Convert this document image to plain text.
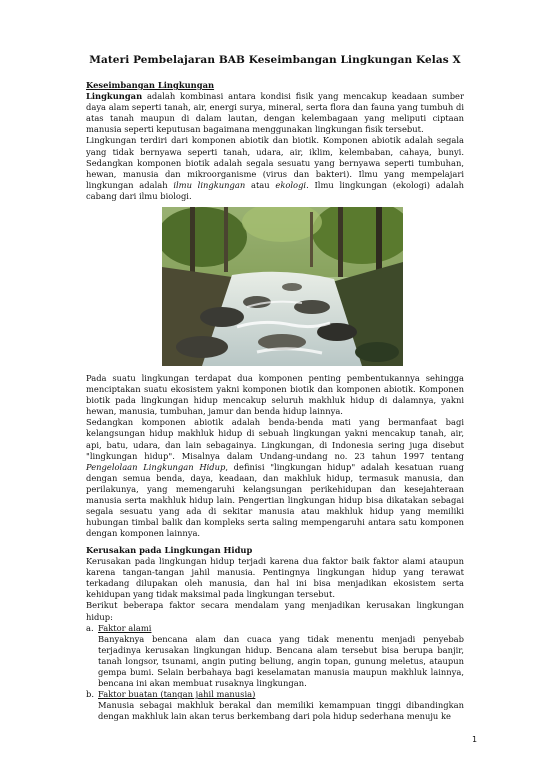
Materi Pembelajaran BAB Keseimbangan Lingkungan Kelas X
Keseimbangan Lingkungan

Lingkungan adalah kombinasi antara kondisi fisik yang mencakup keadaan sumber daya alam seperti tanah, air, energi surya, mineral, serta flora dan fauna yang tumbuh di atas tanah maupun di dalam lautan, dengan kelembagaan yang meliputi ciptaan manusia seperti keputusan bagaimana menggunakan lingkungan fisik tersebut.

Lingkungan terdiri dari komponen abiotik dan biotik. Komponen abiotik adalah segala yang tidak bernyawa seperti tanah, udara, air, iklim, kelembaban, cahaya, bunyi. Sedangkan komponen biotik adalah segala sesuatu yang bernyawa seperti tumbuhan, hewan, manusia dan mikroorganisme (virus dan bakteri). Ilmu yang mempelajari lingkungan adalah ilmu lingkungan atau ekologi. Ilmu lingkungan (ekologi) adalah cabang dari ilmu biologi.

Pada suatu lingkungan terdapat dua komponen penting pembentukannya sehingga menciptakan suatu ekosistem yakni komponen biotik dan komponen abiotik. Komponen biotik pada lingkungan hidup mencakup seluruh makhluk hidup di dalamnya, yakni hewan, manusia, tumbuhan, jamur dan benda hidup lainnya.

Sedangkan komponen abiotik adalah benda-benda mati yang bermanfaat bagi kelangsungan hidup makhluk hidup di sebuah lingkungan yakni mencakup tanah, air, api, batu, udara, dan lain sebagainya. Lingkungan, di Indonesia sering juga disebut "lingkungan hidup". Misalnya dalam Undang-undang no. 23 tahun 1997 tentang Pengelolaan Lingkungan Hidup, definisi "lingkungan hidup" adalah kesatuan ruang dengan semua benda, daya, keadaan, dan makhluk hidup, termasuk manusia, dan perilakunya, yang memengaruhi kelangsungan perikehidupan dan kesejahteraan manusia serta makhluk hidup lain. Pengertian lingkungan hidup bisa dikatakan sebagai segala sesuatu yang ada di sekitar manusia atau makhluk hidup yang memiliki hubungan timbal balik dan kompleks serta saling mempengaruhi antara satu komponen dengan komponen lainnya.

Kerusakan pada Lingkungan Hidup

Kerusakan pada lingkungan hidup terjadi karena dua faktor baik faktor alami ataupun karena tangan-tangan jahil manusia. Pentingnya lingkungan hidup yang terawat terkadang dilupakan oleh manusia, dan hal ini bisa menjadikan ekosistem serta kehidupan yang tidak maksimal pada lingkungan tersebut.

Berikut beberapa faktor secara mendalam yang menjadikan kerusakan lingkungan hidup:

a. Faktor alami

Banyaknya bencana alam dan cuaca yang tidak menentu menjadi penyebab terjadinya kerusakan lingkungan hidup. Bencana alam tersebut bisa berupa banjir, tanah longsor, tsunami, angin puting beliung, angin topan, gunung meletus, ataupun gempa bumi. Selain berbahaya bagi keselamatan manusia maupun makhluk lainnya, bencana ini akan membuat rusaknya lingkungan.

b. Faktor buatan (tangan jahil manusia)

Manusia sebagai makhluk berakal dan memiliki kemampuan tinggi dibandingkan dengan makhluk lain akan terus berkembang dari pola hidup sederhana menuju ke

1
